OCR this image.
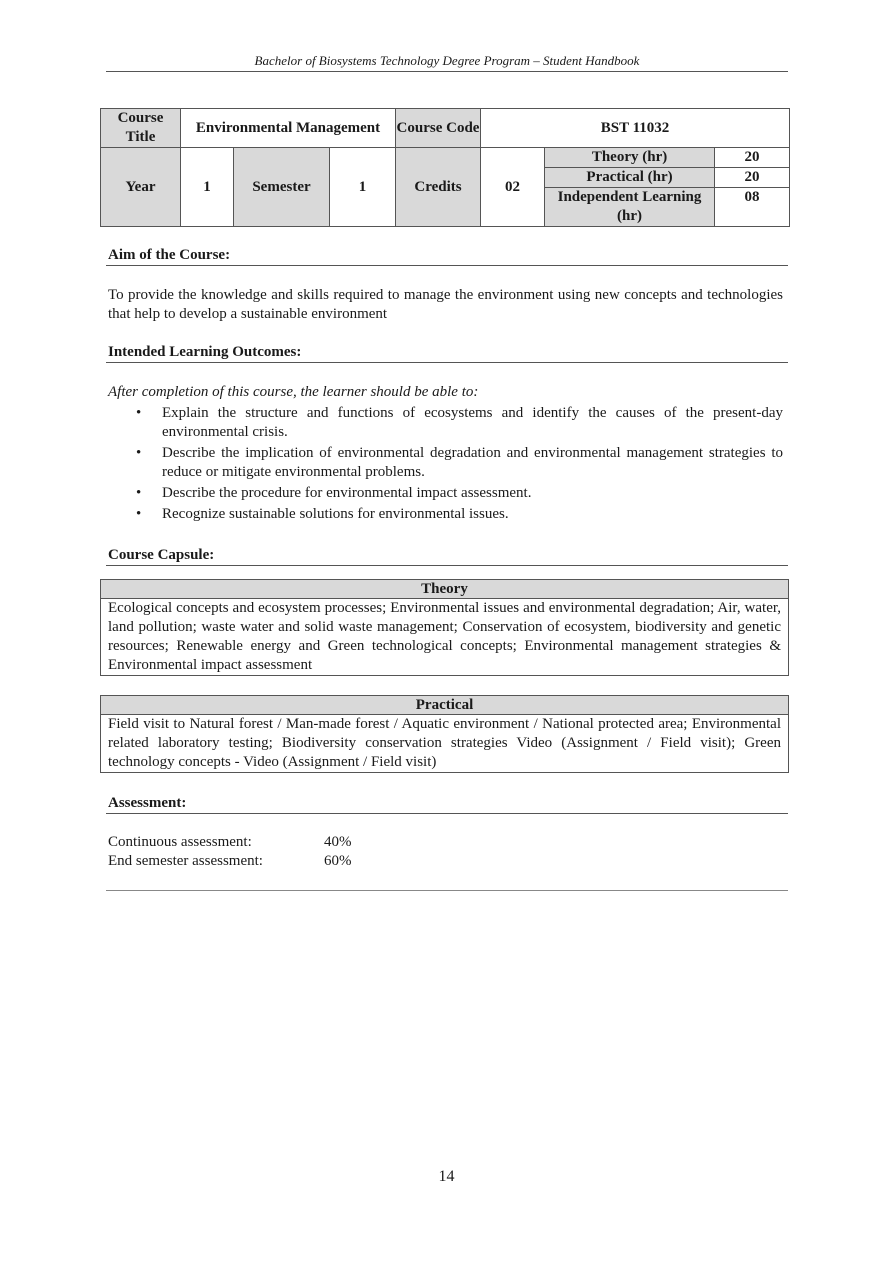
Bachelor of Biosystems Technology Degree Program – Student Handbook
Course Title	Environmental Management			Course Code	BST 11032		
Year	1	Semester	1	Credits	02	Theory (hr)	20
						Practical (hr)	20
						Independent Learning (hr)	08
Aim of the Course:
To provide the knowledge and skills required to manage the environment using new concepts and technologies that help to develop a sustainable environment
Intended Learning Outcomes:
After completion of this course, the learner should be able to:
• Explain the structure and functions of ecosystems and identify the causes of the present-day environmental crisis.
• Describe the implication of environmental degradation and environmental management strategies to reduce or mitigate environmental problems.
• Describe the procedure for environmental impact assessment.
• Recognize sustainable solutions for environmental issues.
Course Capsule:
Theory
Ecological concepts and ecosystem processes; Environmental issues and environmental degradation; Air, water, land pollution; waste water and solid waste management; Conservation of ecosystem, biodiversity and genetic resources; Renewable energy and Green technological concepts; Environmental management strategies & Environmental impact assessment
Practical
Field visit to Natural forest / Man-made forest / Aquatic environment / National protected area; Environmental related laboratory testing; Biodiversity conservation strategies Video (Assignment / Field visit); Green technology concepts - Video (Assignment / Field visit)
Assessment:
Continuous assessment:	40%
End semester assessment:	60%
14
